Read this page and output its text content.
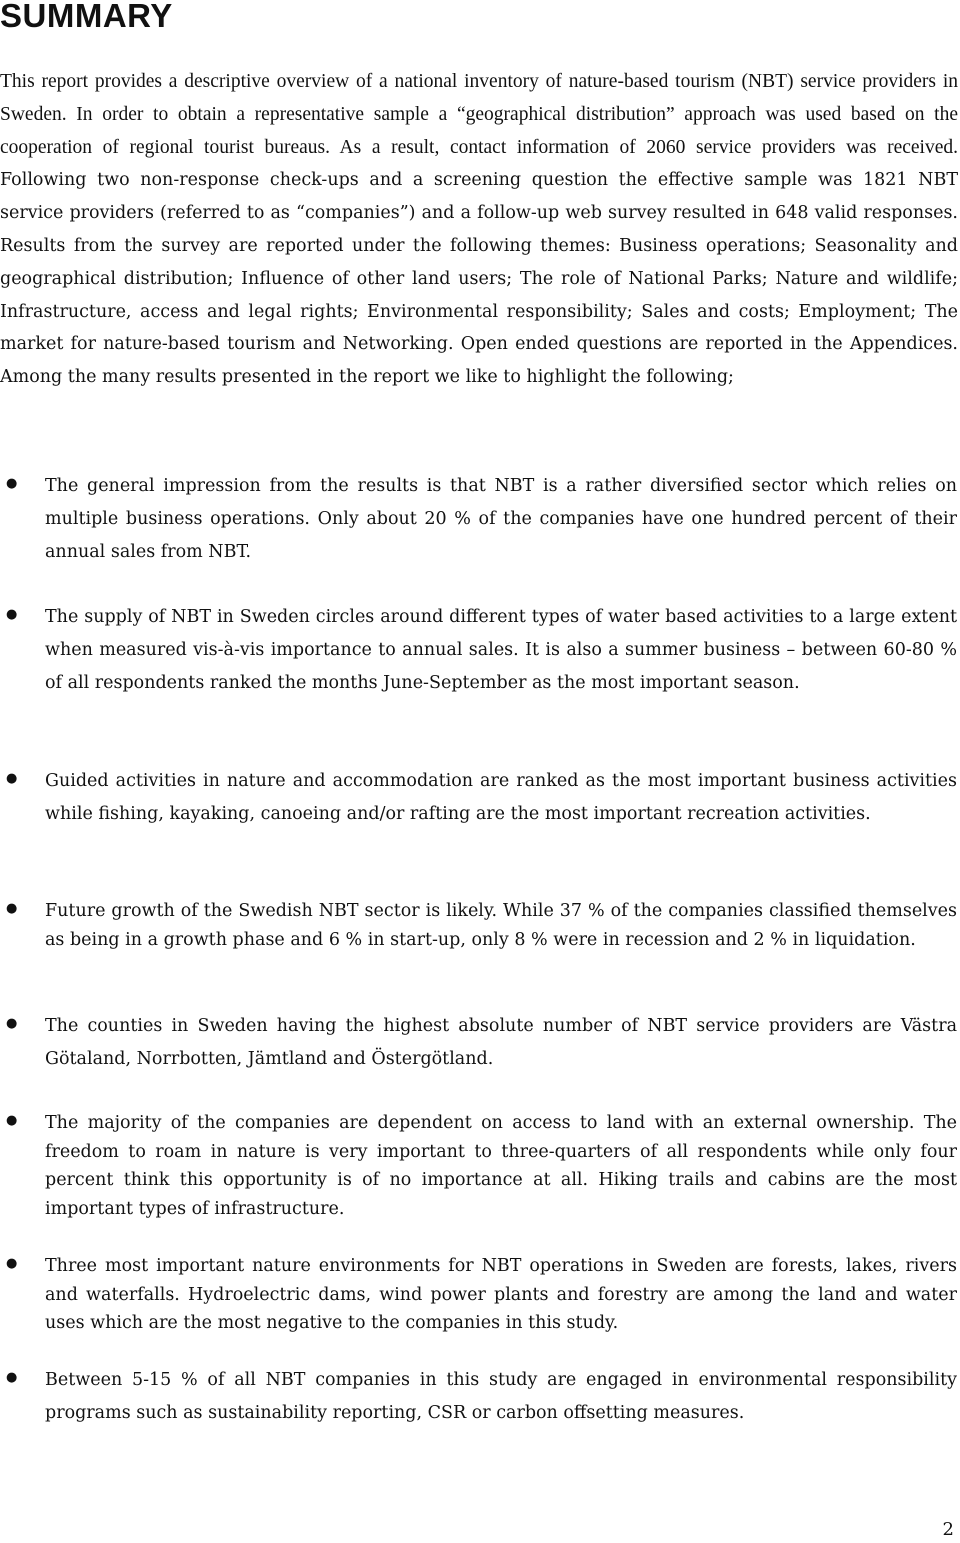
SUMMARY

This report provides a descriptive overview of a national inventory of nature-based tourism (NBT) service providers in Sweden. In order to obtain a representative sample a “geographical distribution” approach was used based on the cooperation of regional tourist bureaus. As a result, contact information of 2060 service providers was received. Following two non-response check-ups and a screening question the effective sample was 1821 NBT service providers (referred to as “companies”) and a follow-up web survey resulted in 648 valid responses. Results from the survey are reported under the following themes: Business operations; Seasonality and geographical distribution; Influence of other land users; The role of National Parks; Nature and wildlife; Infrastructure, access and legal rights; Environmental responsibility; Sales and costs; Employment; The market for nature-based tourism and Networking. Open ended questions are reported in the Appendices. Among the many results presented in the report we like to highlight the following;

● The general impression from the results is that NBT is a rather diversified sector which relies on multiple business operations. Only about 20 % of the companies have one hundred percent of their annual sales from NBT.

● The supply of NBT in Sweden circles around different types of water based activities to a large extent when measured vis-à-vis importance to annual sales. It is also a summer business – between 60-80 % of all respondents ranked the months June-September as the most important season.

● Guided activities in nature and accommodation are ranked as the most important business activities while fishing, kayaking, canoeing and/or rafting are the most important recreation activities.

● Future growth of the Swedish NBT sector is likely. While 37 % of the companies classified themselves as being in a growth phase and 6 % in start-up, only 8 % were in recession and 2 % in liquidation.

● The counties in Sweden having the highest absolute number of NBT service providers are Västra Götaland, Norrbotten, Jämtland and Östergötland.

● The majority of the companies are dependent on access to land with an external ownership. The freedom to roam in nature is very important to three-quarters of all respondents while only four percent think this opportunity is of no importance at all. Hiking trails and cabins are the most important types of infrastructure.

● Three most important nature environments for NBT operations in Sweden are forests, lakes, rivers and waterfalls. Hydroelectric dams, wind power plants and forestry are among the land and water uses which are the most negative to the companies in this study.

● Between 5-15 % of all NBT companies in this study are engaged in environmental responsibility programs such as sustainability reporting, CSR or carbon offsetting measures.

2
